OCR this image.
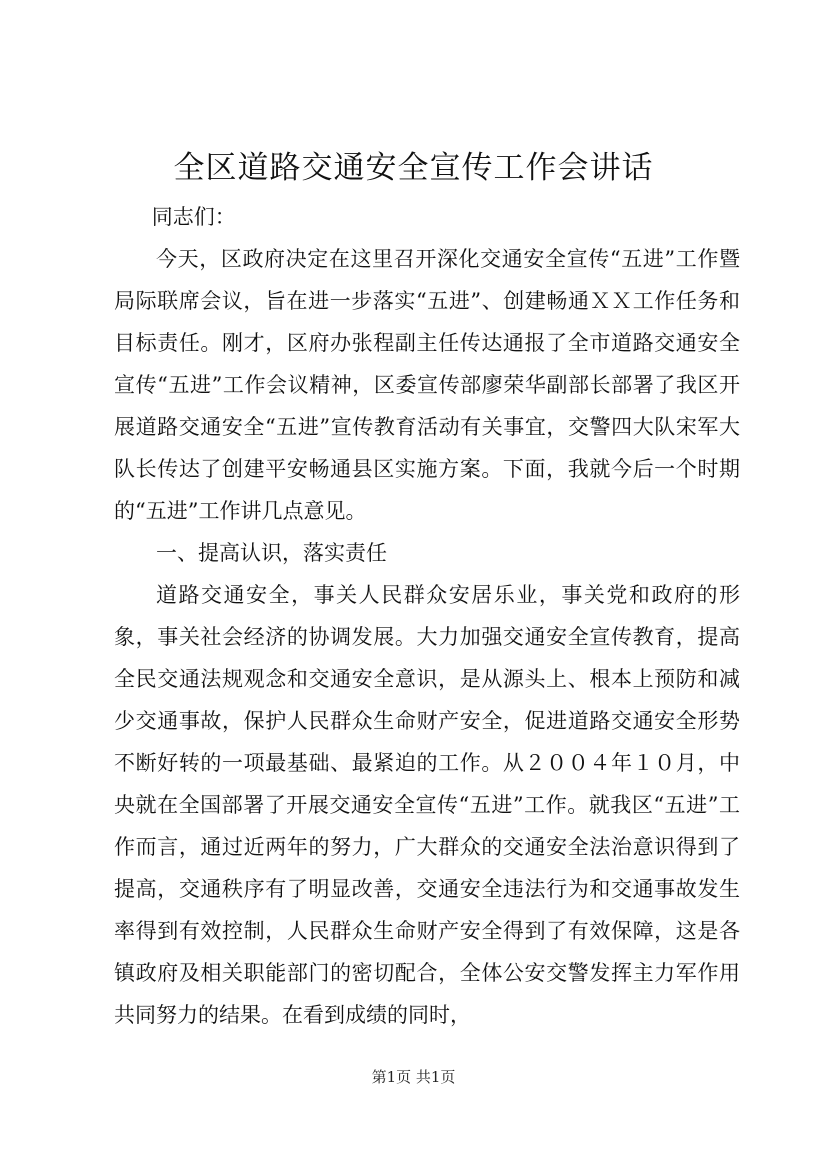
全区道路交通安全宣传工作会讲话

同志们：

今天，区政府决定在这里召开深化交通安全宣传“五进”工作暨局际联席会议，旨在进一步落实“五进”、创建畅通ＸＸ工作任务和目标责任。刚才，区府办张程副主任传达通报了全市道路交通安全宣传“五进”工作会议精神，区委宣传部廖荣华副部长部署了我区开展道路交通安全“五进”宣传教育活动有关事宜，交警四大队宋军大队长传达了创建平安畅通县区实施方案。下面，我就今后一个时期的“五进”工作讲几点意见。

一、提高认识，落实责任

道路交通安全，事关人民群众安居乐业，事关党和政府的形象，事关社会经济的协调发展。大力加强交通安全宣传教育，提高全民交通法规观念和交通安全意识，是从源头上、根本上预防和减少交通事故，保护人民群众生命财产安全，促进道路交通安全形势不断好转的一项最基础、最紧迫的工作。从２００４年１０月，中央就在全国部署了开展交通安全宣传“五进”工作。就我区“五进”工作而言，通过近两年的努力，广大群众的交通安全法治意识得到了提高，交通秩序有了明显改善，交通安全违法行为和交通事故发生率得到有效控制，人民群众生命财产安全得到了有效保障，这是各镇政府及相关职能部门的密切配合，全体公安交警发挥主力军作用共同努力的结果。在看到成绩的同时，

第1页 共1页
